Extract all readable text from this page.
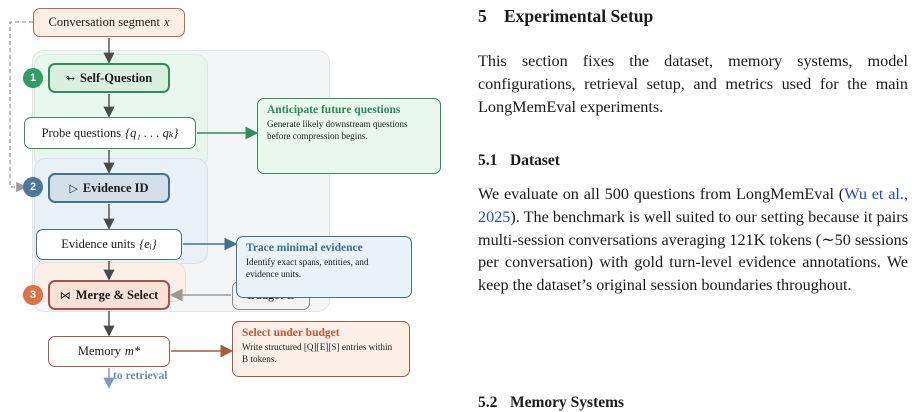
Conversation segment x
1	↬ Self-Question
Probe questions {q₁ . . . qₖ}
2	▷ Evidence ID
Evidence units {eᵢ}
3	⋈ Merge & Select
Memory m*
to retrieval
Anticipate future questions
Generate likely downstream questions before compression begins.
Trace minimal evidence
Identify exact spans, entities, and evidence units.
Select under budget
Write structured [Q][E][S] entries within B tokens.
5 Experimental Setup
This section fixes the dataset, memory systems, model configurations, retrieval setup, and metrics used for the main LongMemEval experiments.
5.1 Dataset
We evaluate on all 500 questions from LongMemEval (Wu et al., 2025). The benchmark is well suited to our setting because it pairs multi-session conversations averaging 121K tokens (∼50 sessions per conversation) with gold turn-level evidence annotations. We keep the dataset’s original session boundaries throughout.
5.2 Memory Systems
